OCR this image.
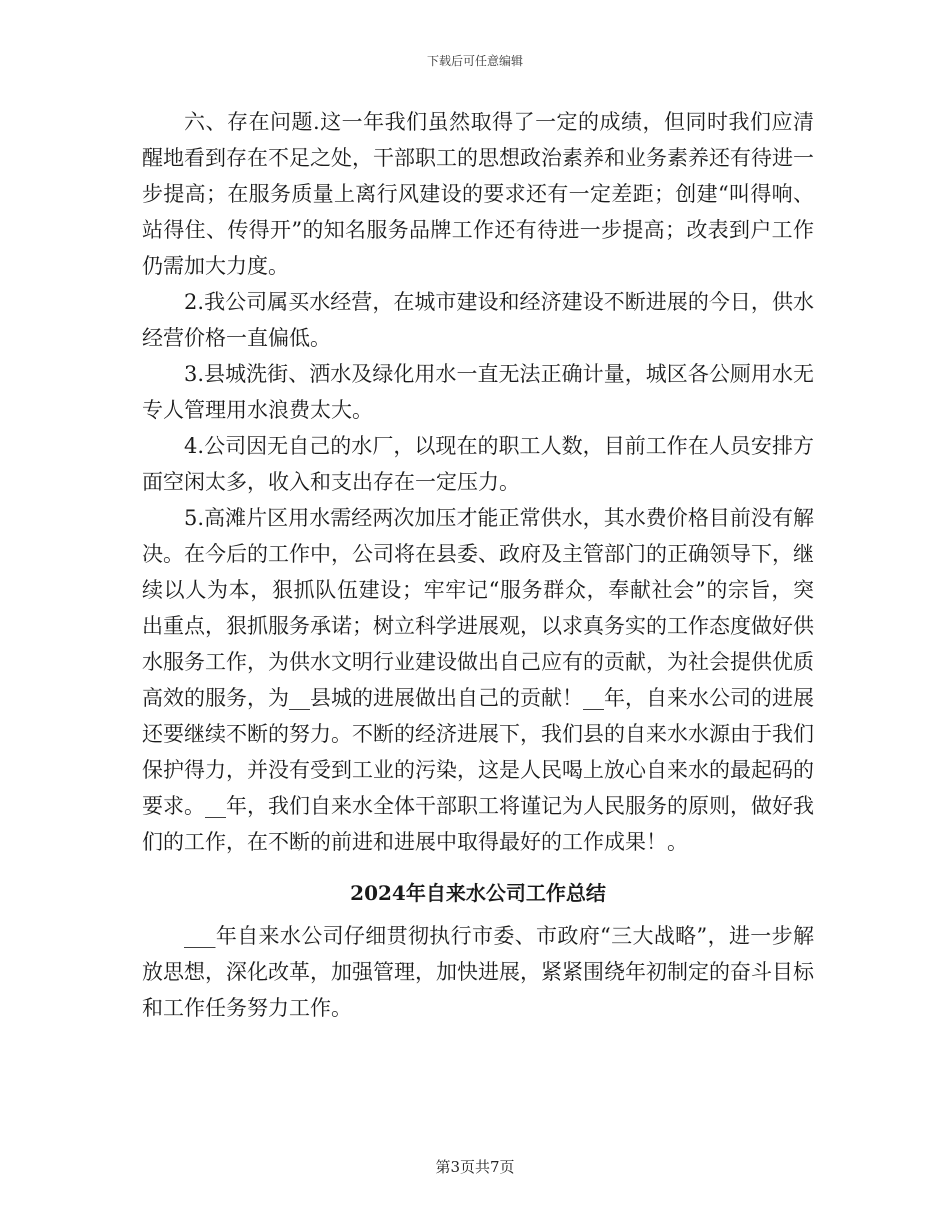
下载后可任意编辑

六、存在问题.这一年我们虽然取得了一定的成绩，但同时我们应清醒地看到存在不足之处，干部职工的思想政治素养和业务素养还有待进一步提高；在服务质量上离行风建设的要求还有一定差距；创建“叫得响、站得住、传得开”的知名服务品牌工作还有待进一步提高；改表到户工作仍需加大力度。

2.我公司属买水经营，在城市建设和经济建设不断进展的今日，供水经营价格一直偏低。

3.县城洗街、洒水及绿化用水一直无法正确计量，城区各公厕用水无专人管理用水浪费太大。

4.公司因无自己的水厂，以现在的职工人数，目前工作在人员安排方面空闲太多，收入和支出存在一定压力。

5.高滩片区用水需经两次加压才能正常供水，其水费价格目前没有解决。在今后的工作中，公司将在县委、政府及主管部门的正确领导下，继续以人为本，狠抓队伍建设；牢牢记“服务群众，奉献社会”的宗旨，突出重点，狠抓服务承诺；树立科学进展观，以求真务实的工作态度做好供水服务工作，为供水文明行业建设做出自己应有的贡献，为社会提供优质高效的服务，为__县城的进展做出自己的贡献！__年，自来水公司的进展还要继续不断的努力。不断的经济进展下，我们县的自来水水源由于我们保护得力，并没有受到工业的污染，这是人民喝上放心自来水的最起码的要求。__年，我们自来水全体干部职工将谨记为人民服务的原则，做好我们的工作，在不断的前进和进展中取得最好的工作成果！。

2024年自来水公司工作总结

___年自来水公司仔细贯彻执行市委、市政府“三大战略”，进一步解放思想，深化改革，加强管理，加快进展，紧紧围绕年初制定的奋斗目标和工作任务努力工作。

第3页共7页
